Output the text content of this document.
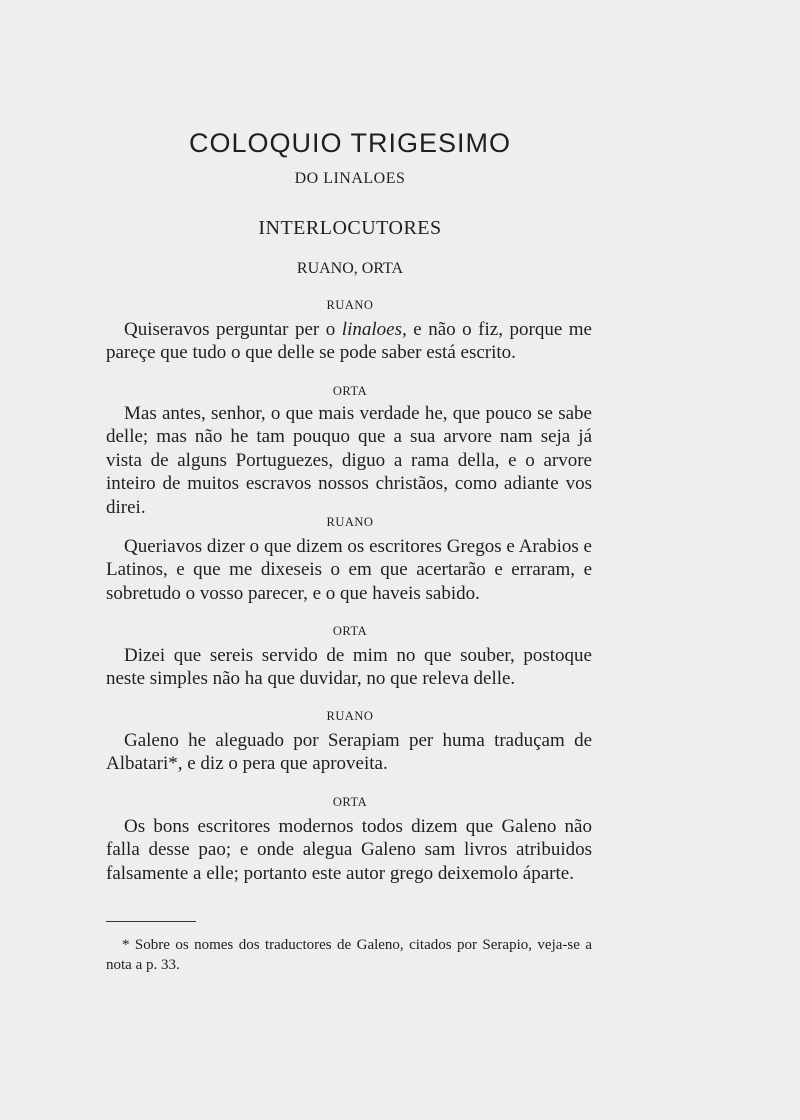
COLOQUIO TRIGESIMO
DO LINALOES
INTERLOCUTORES
RUANO, ORTA
RUANO
Quiseravos perguntar per o linaloes, e não o fiz, porque me pareçe que tudo o que delle se pode saber está escrito.
ORTA
Mas antes, senhor, o que mais verdade he, que pouco se sabe delle; mas não he tam pouquo que a sua arvore nam seja já vista de alguns Portuguezes, diguo a rama della, e o arvore inteiro de muitos escravos nossos christãos, como adiante vos direi.
RUANO
Queriavos dizer o que dizem os escritores Gregos e Arabios e Latinos, e que me dixeseis o em que acertarão e erraram, e sobretudo o vosso parecer, e o que haveis sabido.
ORTA
Dizei que sereis servido de mim no que souber, postoque neste simples não ha que duvidar, no que releva delle.
RUANO
Galeno he aleguado por Serapiam per huma traduçam de Albatari*, e diz o pera que aproveita.
ORTA
Os bons escritores modernos todos dizem que Galeno não falla desse pao; e onde alegua Galeno sam livros atribuidos falsamente a elle; portanto este autor grego deixemolo áparte.
* Sobre os nomes dos traductores de Galeno, citados por Serapio, veja-se a nota a p. 33.
